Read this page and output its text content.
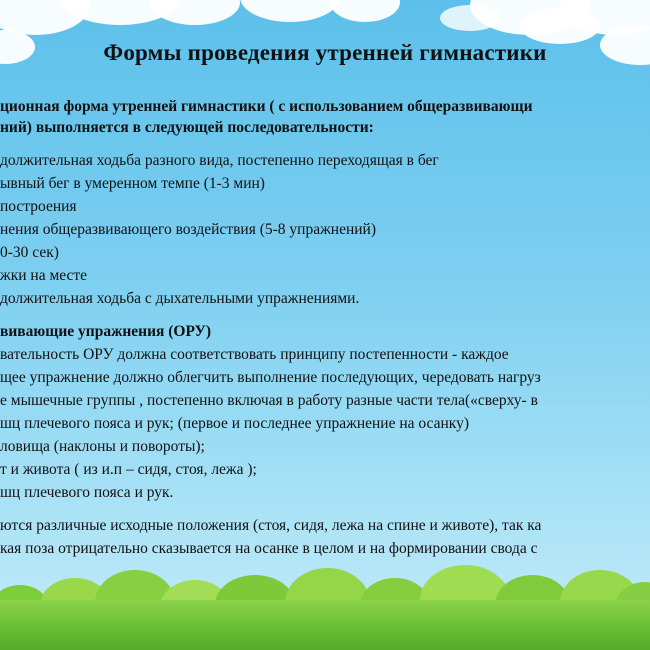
Формы проведения утренней гимнастики
ционная форма утренней гимнастики ( с использованием общеразвивающи
ний) выполняется в следующей последовательности:
должительная ходьба разного вида, постепенно переходящая в бег
ывный бег в умеренном темпе (1-3 мин)
построения
нения общеразвивающего воздействия (5-8 упражнений)
0-30 сек)
жки на месте
должительная ходьба с дыхательными упражнениями.
вивающие упражнения (ОРУ)
вательность ОРУ должна соответствовать принципу постепенности - каждое
щее упражнение должно облегчить выполнение последующих, чередовать нагруз
е мышечные группы , постепенно включая в работу разные части тела(«сверху- в
шц плечевого пояса и рук; (первое и последнее упражнение на осанку)
ловища (наклоны и повороты);
т и живота ( из и.п – сидя, стоя, лежа );
шц плечевого пояса и рук.
ются различные исходные положения (стоя, сидя, лежа на спине и животе), так ка
кая поза отрицательно сказывается на осанке в целом и на формировании свода с
